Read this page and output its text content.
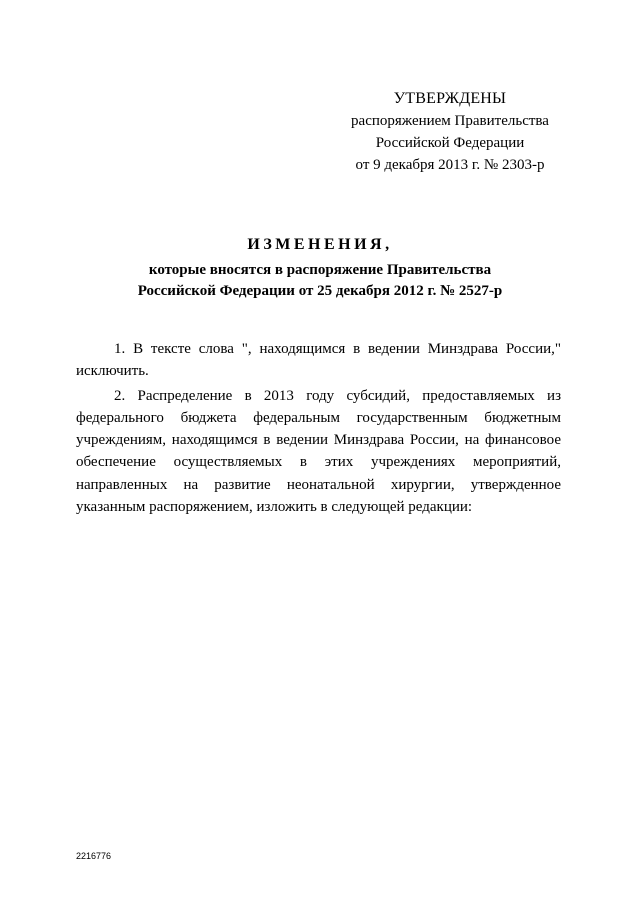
УТВЕРЖДЕНЫ
распоряжением Правительства
Российской Федерации
от 9 декабря 2013 г. № 2303-р
ИЗМЕНЕНИЯ,
которые вносятся в распоряжение Правительства
Российской Федерации от 25 декабря 2012 г. № 2527-р

1. В тексте слова ", находящимся в ведении Минздрава России," исключить.

2. Распределение в 2013 году субсидий, предоставляемых из федерального бюджета федеральным государственным бюджетным учреждениям, находящимся в ведении Минздрава России, на финансовое обеспечение осуществляемых в этих учреждениях мероприятий, направленных на развитие неонатальной хирургии, утвержденное указанным распоряжением, изложить в следующей редакции:

2216776
